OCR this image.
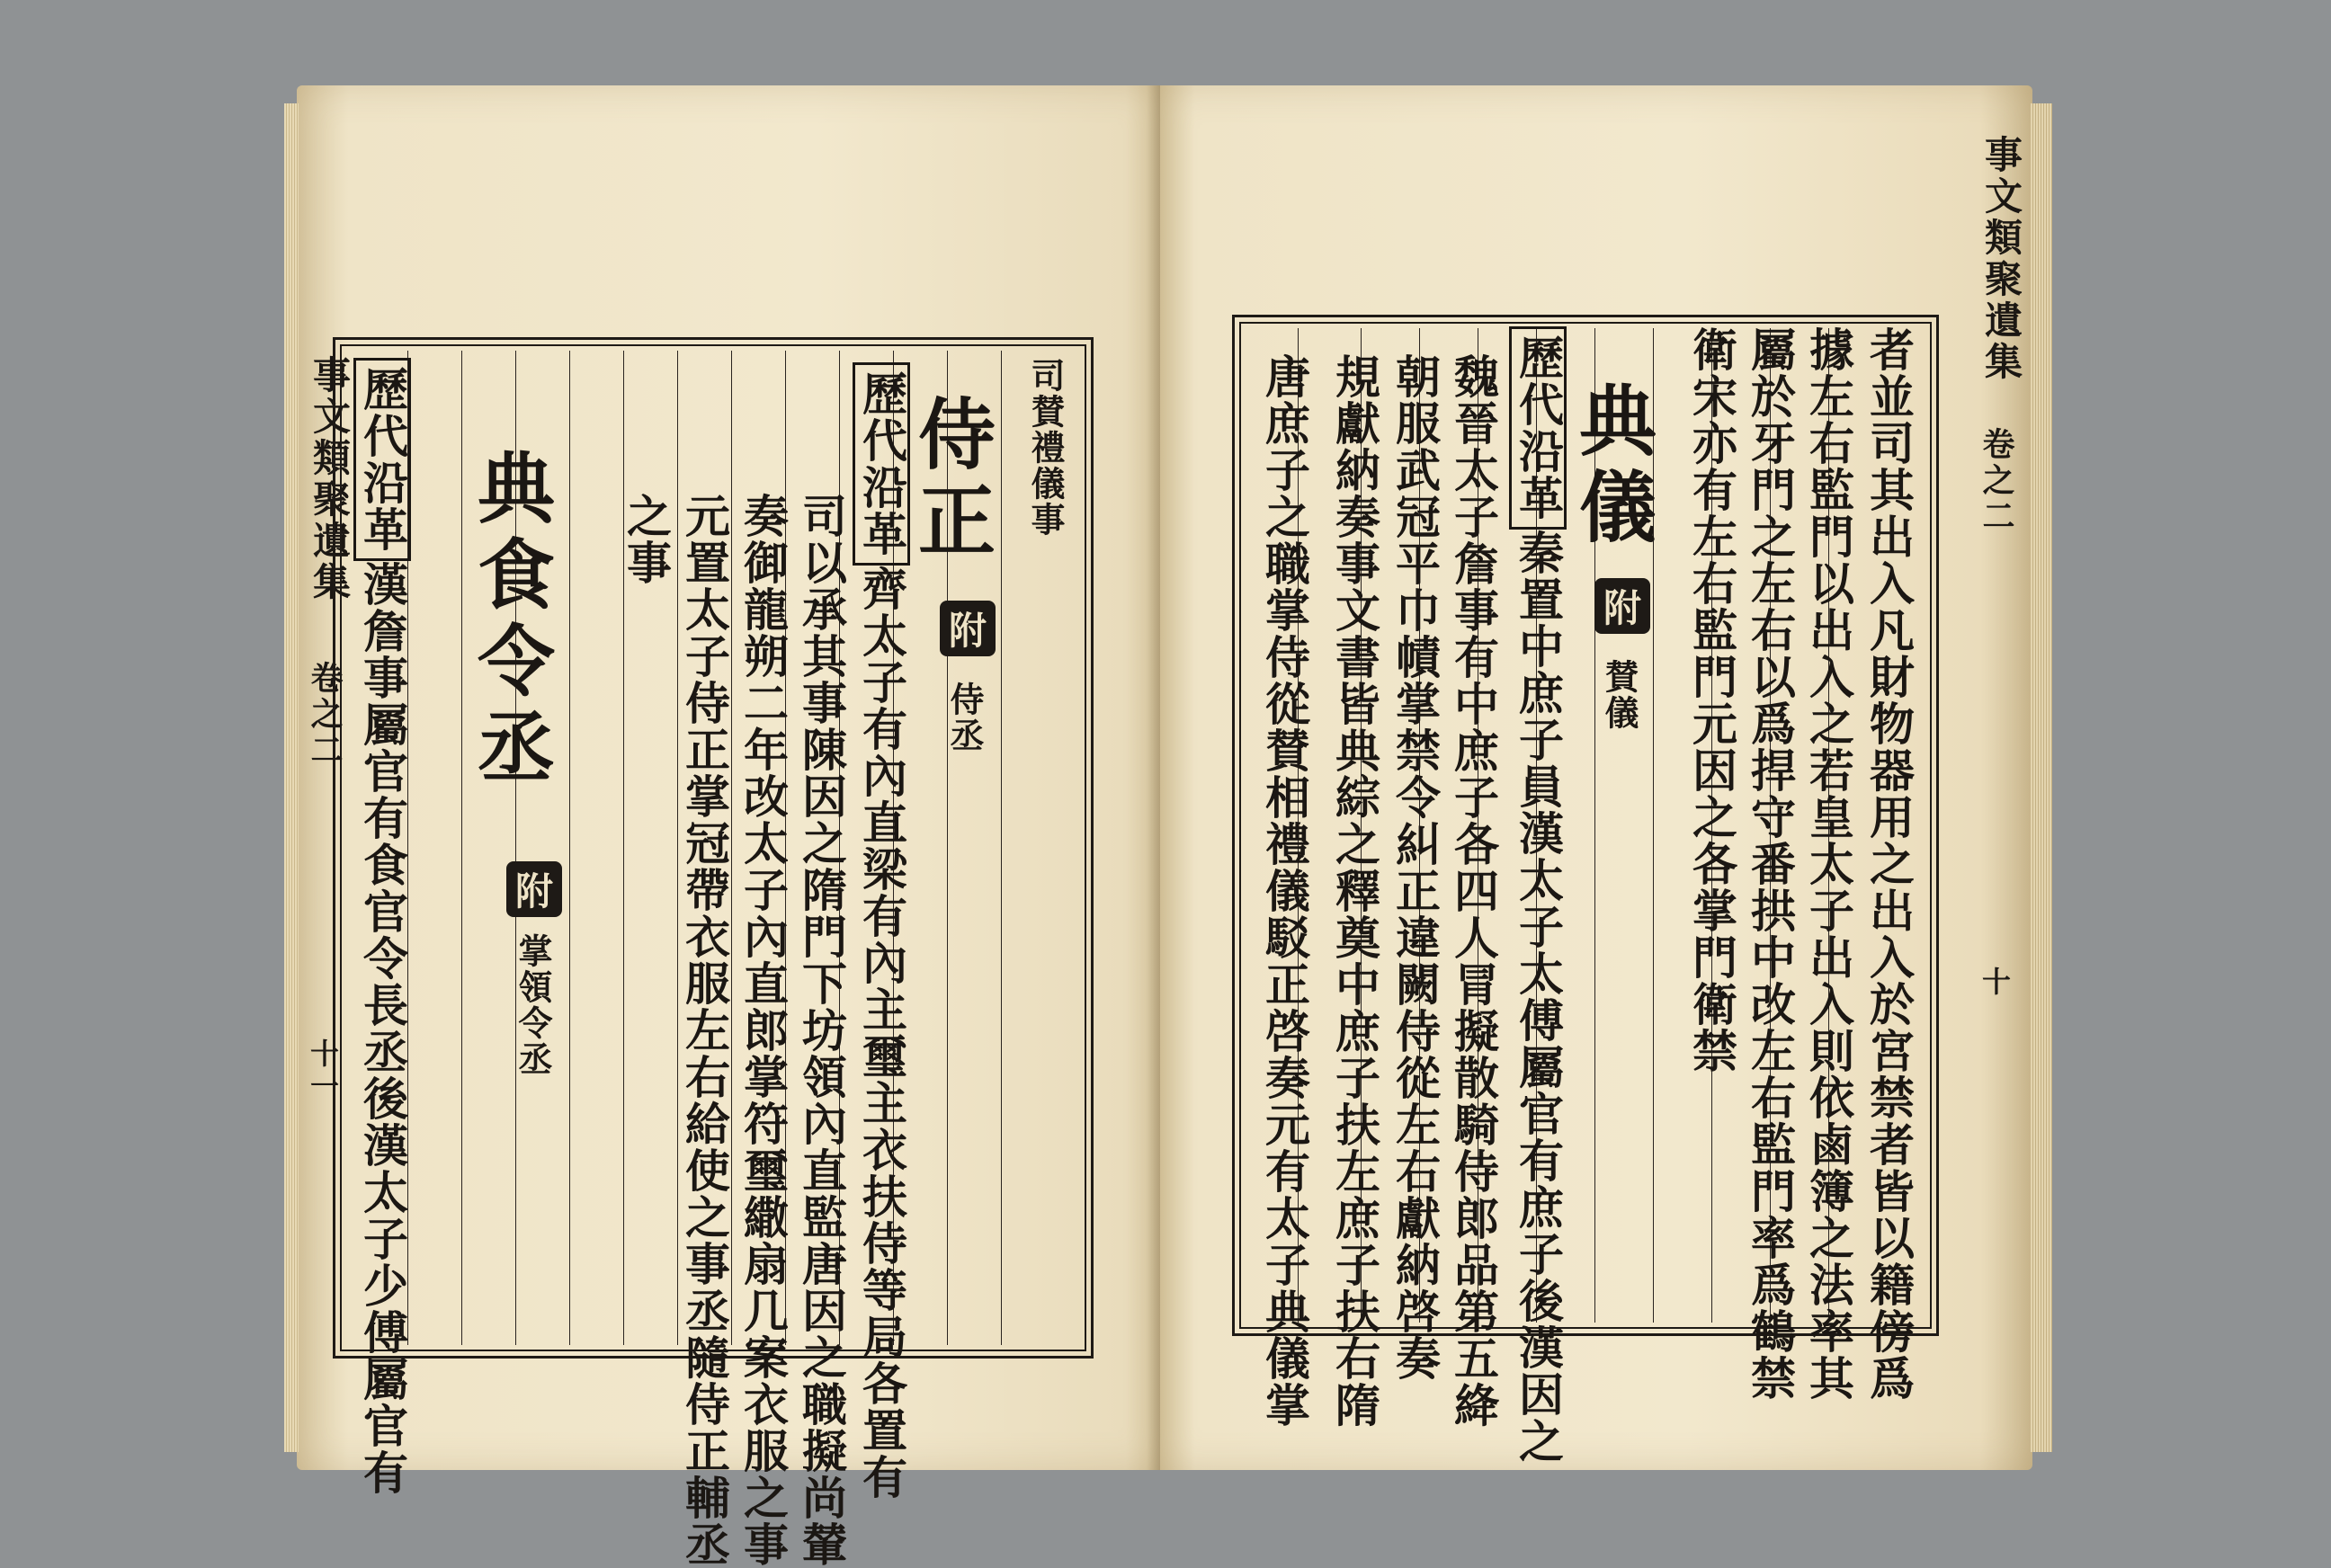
事文類聚遺集
卷之二
十一
司賛禮儀事
侍正
附
侍丞
歷代沿革齊太子有內直梁有內主璽主衣扶侍等局各置有
司以承其事陳因之隋門下坊領內直監唐因之職擬尚輦
奏御龍朔二年改太子內直郎掌符璽繖扇几案衣服之事
元置太子侍正掌冠帶衣服左右給使之事丞隨侍正輔丞
之事
典食令丞
附
掌領令丞
歷代沿革漢詹事屬官有食官令長丞後漢太子少傅屬官有
事文類聚遺集
卷之二
十
典儀
附
賛儀
歷代沿革秦置中庶子員漢太子太傅屬官有庶子後漢因之
魏晉太子詹事有中庶子各四人冐擬散騎侍郎品第五絳
朝服武冠平巾幘掌禁令糾正違闕侍從左右獻納啓奏
規獻納奏事文書皆典綜之釋奠中庶子扶左庶子扶右隋
唐庶子之職掌侍從賛相禮儀駁正啓奏元有太子典儀掌	者並司其出入凡財物器用之出入於宮禁者皆以籍傍爲
據左右監門以出入之若皇太子出入則依鹵簿之法率其
屬於牙門之左右以爲捍守番拱中改左右監門率爲鶴禁
衛宋亦有左右監門元因之各掌門衛禁
